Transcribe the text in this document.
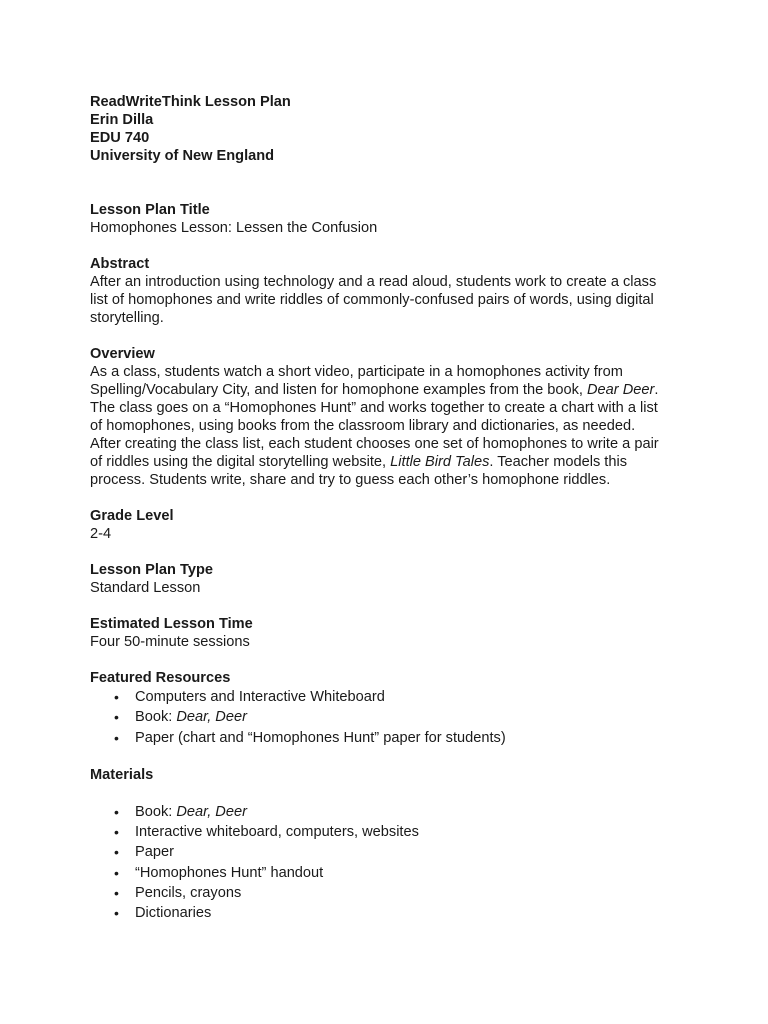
ReadWriteThink Lesson Plan

Erin Dilla

EDU 740

University of New England

Lesson Plan Title

Homophones Lesson: Lessen the Confusion

Abstract

After an introduction using technology and a read aloud, students work to create a class
list of homophones and write riddles of commonly-confused pairs of words, using digital
storytelling.

Overview

As a class, students watch a short video, participate in a homophones activity from
Spelling/Vocabulary City, and listen for homophone examples from the book, Dear Deer.
The class goes on a “Homophones Hunt” and works together to create a chart with a list
of homophones, using books from the classroom library and dictionaries, as needed.
After creating the class list, each student chooses one set of homophones to write a pair
of riddles using the digital storytelling website, Little Bird Tales. Teacher models this
process. Students write, share and try to guess each other’s homophone riddles.

Grade Level

2-4

Lesson Plan Type

Standard Lesson

Estimated Lesson Time

Four 50-minute sessions

Featured Resources

• Computers and Interactive Whiteboard
• Book: Dear, Deer
• Paper (chart and “Homophones Hunt” paper for students)

Materials

• Book: Dear, Deer
• Interactive whiteboard, computers, websites
• Paper
• “Homophones Hunt” handout
• Pencils, crayons
• Dictionaries
